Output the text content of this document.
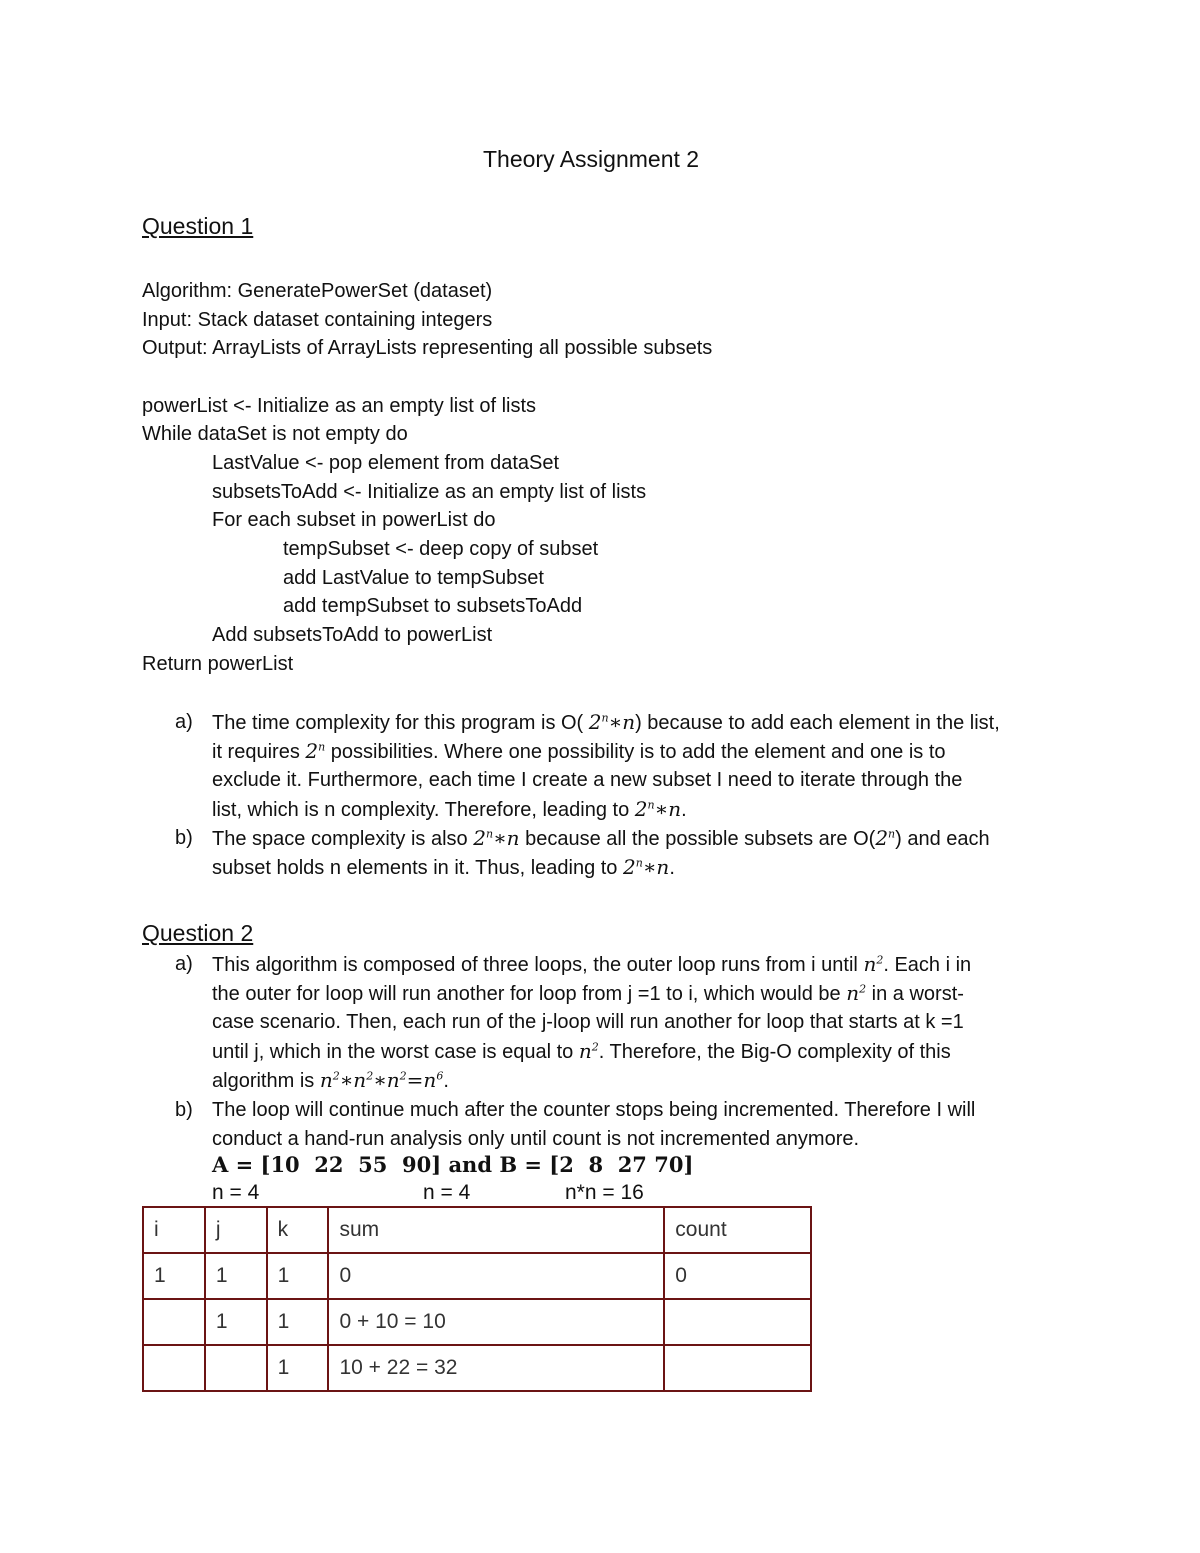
Theory Assignment 2
Question 1
Algorithm: GeneratePowerSet (dataset)
Input: Stack dataset containing integers
Output: ArrayLists of ArrayLists representing all possible subsets
powerList <- Initialize as an empty list of lists
While dataSet is not empty do
LastValue <- pop element from dataSet
subsetsToAdd <- Initialize as an empty list of lists
For each subset in powerList do
tempSubset <- deep copy of subset
add LastValue to tempSubset
add tempSubset to subsetsToAdd
Add subsetsToAdd to powerList
Return powerList
a) The time complexity for this program is O( 2$^n$∗n) because to add each element in the list,
it requires 2$^n$ possibilities. Where one possibility is to add the element and one is to
exclude it. Furthermore, each time I create a new subset I need to iterate through the
list, which is n complexity. Therefore, leading to 2$^n$∗n.
b) The space complexity is also 2$^n$∗n because all the possible subsets are O(2$^n$) and each
subset holds n elements in it. Thus, leading to 2$^n$∗n.
Question 2
a) This algorithm is composed of three loops, the outer loop runs from i until $n^2$. Each i in
the outer for loop will run another for loop from j =1 to i, which would be $n^2$ in a worst-
case scenario. Then, each run of the j-loop will run another for loop that starts at k =1
until j, which in the worst case is equal to $n^2$. Therefore, the Big-O complexity of this
algorithm is $n^2∗n^2∗n^2=n^6$.
b) The loop will continue much after the counter stops being incremented. Therefore I will
conduct a hand-run analysis only until count is not incremented anymore.
A = [10  22  55  90] and B = [2  8  27 70]
n = 4	n = 4	n*n = 16
i	j	k	sum	count
1	1	1	0	0
	1	1	0 + 10 = 10	
		1	10 + 22 = 32	
